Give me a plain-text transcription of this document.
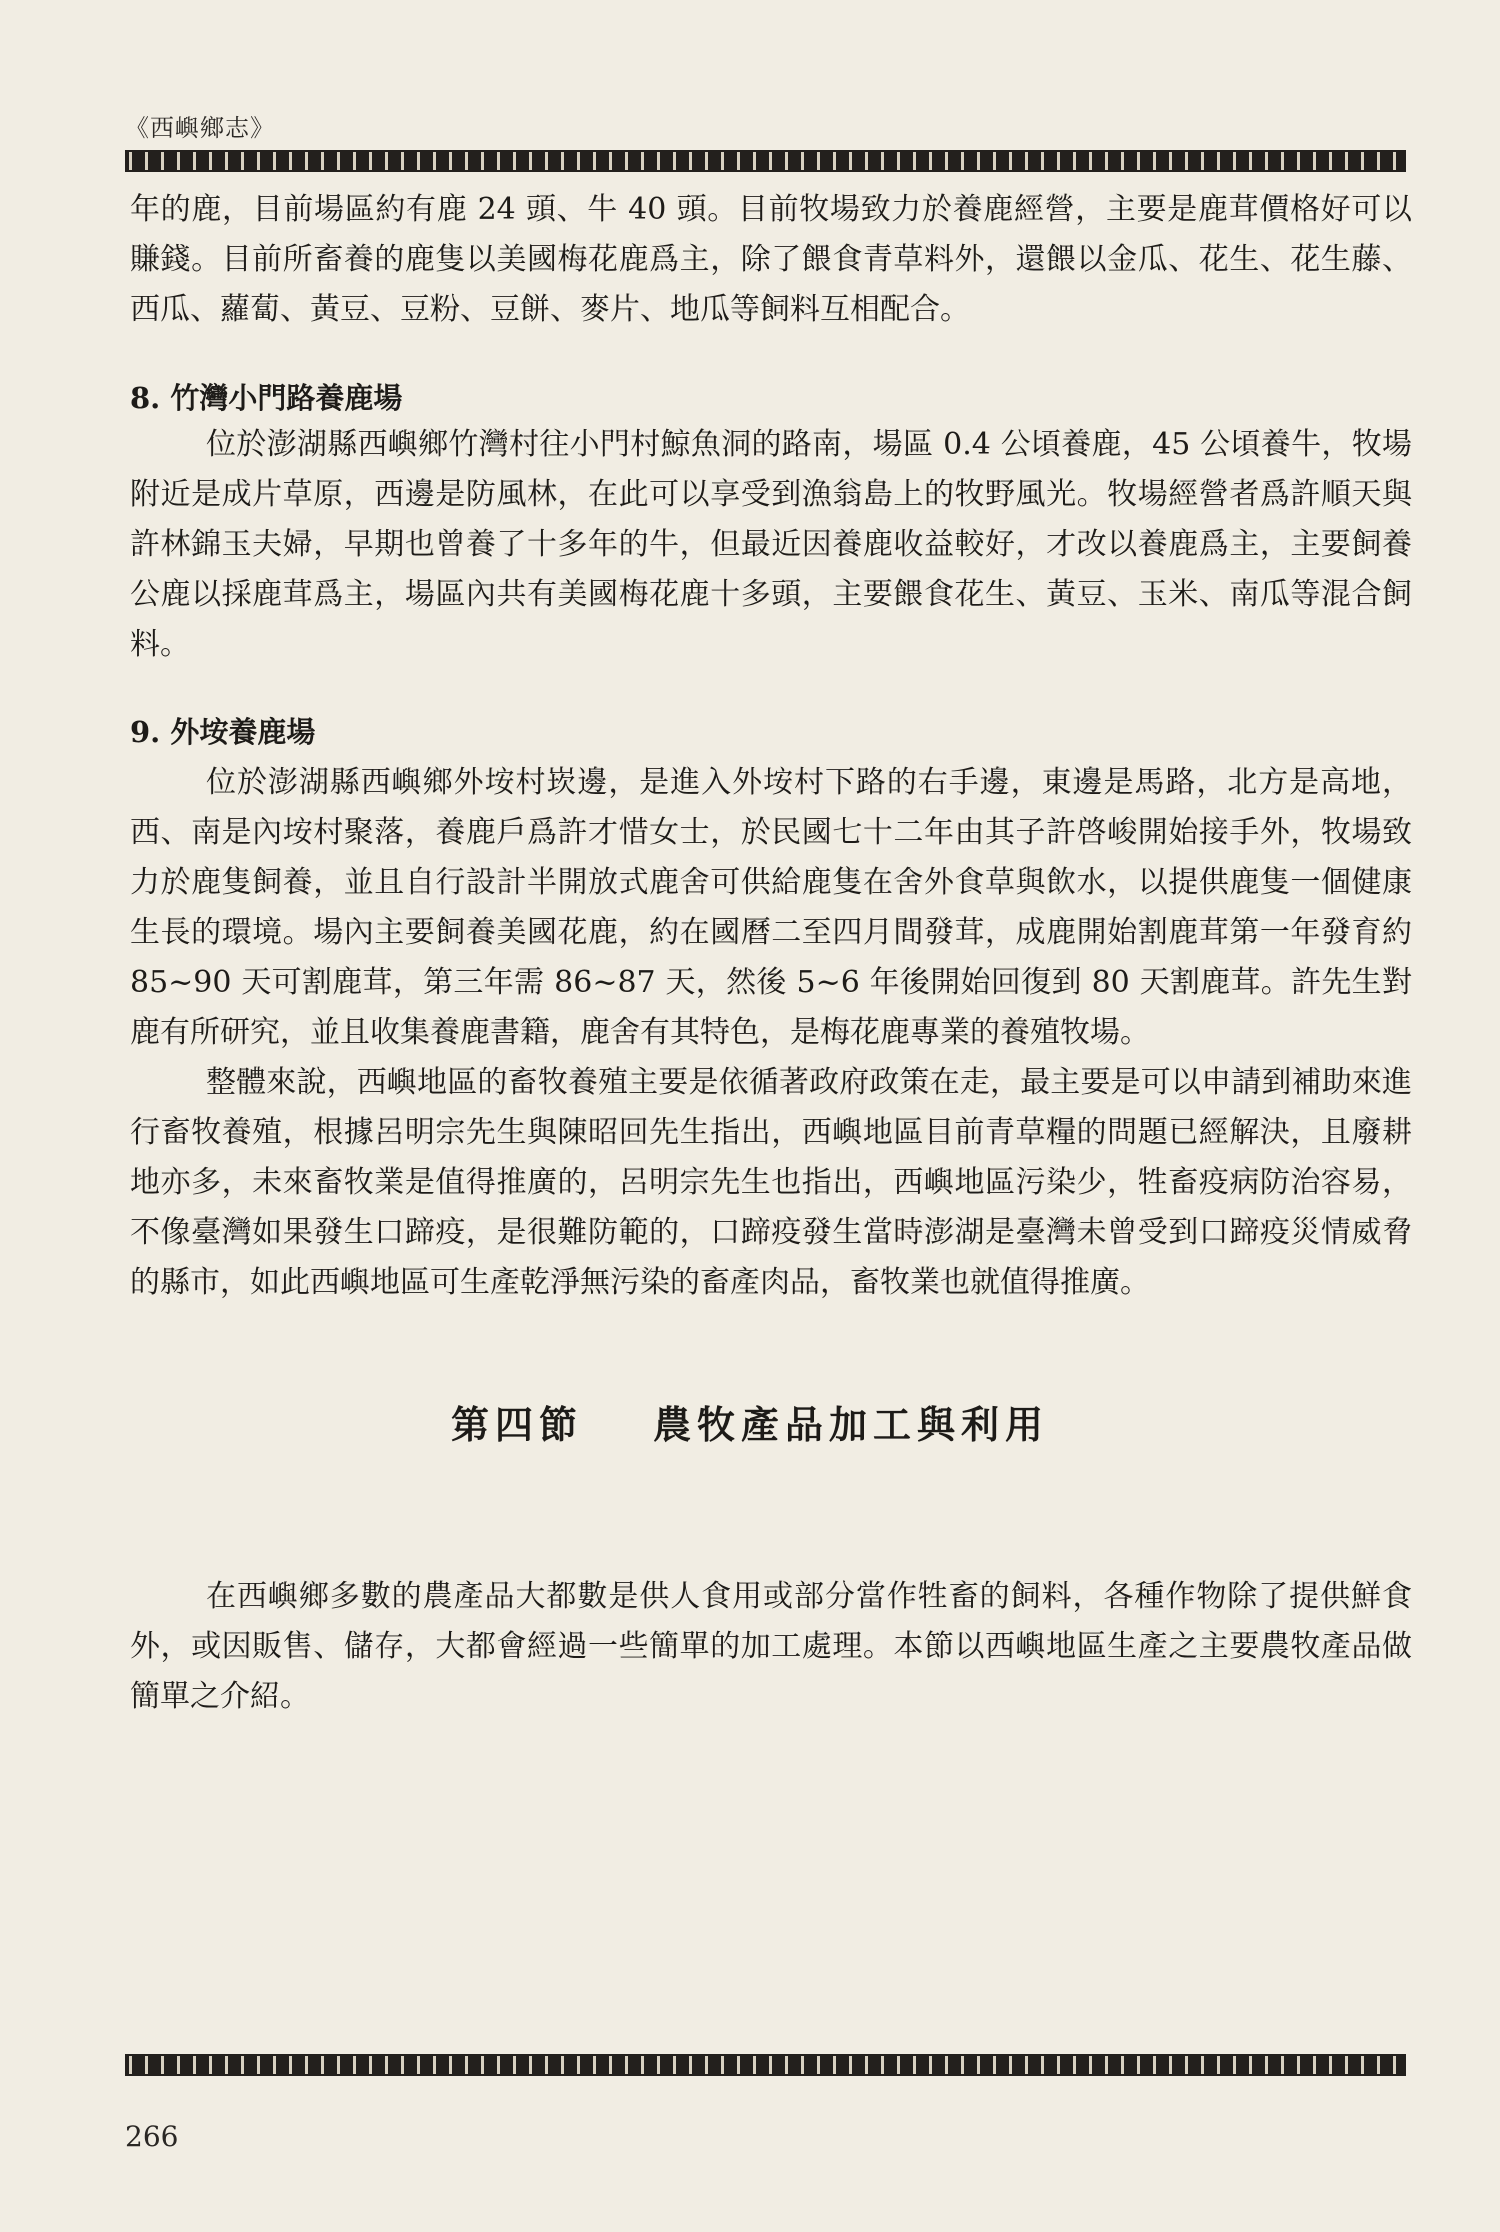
《西嶼鄉志》

年的鹿，目前場區約有鹿 24 頭、牛 40 頭。目前牧場致力於養鹿經營，主要是鹿茸價格好可以賺錢。目前所畜養的鹿隻以美國梅花鹿爲主，除了餵食青草料外，還餵以金瓜、花生、花生藤、西瓜、蘿蔔、黃豆、豆粉、豆餅、麥片、地瓜等飼料互相配合。

8. 竹灣小門路養鹿場

位於澎湖縣西嶼鄉竹灣村往小門村鯨魚洞的路南，場區 0.4 公頃養鹿，45 公頃養牛，牧場附近是成片草原，西邊是防風林，在此可以享受到漁翁島上的牧野風光。牧場經營者爲許順天與許林錦玉夫婦，早期也曾養了十多年的牛，但最近因養鹿收益較好，才改以養鹿爲主，主要飼養公鹿以採鹿茸爲主，場區內共有美國梅花鹿十多頭，主要餵食花生、黃豆、玉米、南瓜等混合飼料。

9. 外垵養鹿場

位於澎湖縣西嶼鄉外垵村崁邊，是進入外垵村下路的右手邊，東邊是馬路，北方是高地，西、南是內垵村聚落，養鹿戶爲許才惜女士，於民國七十二年由其子許啓峻開始接手外，牧場致力於鹿隻飼養，並且自行設計半開放式鹿舍可供給鹿隻在舍外食草與飲水，以提供鹿隻一個健康生長的環境。場內主要飼養美國花鹿，約在國曆二至四月間發茸，成鹿開始割鹿茸第一年發育約 85~90 天可割鹿茸，第三年需 86~87 天，然後 5~6 年後開始回復到 80 天割鹿茸。許先生對鹿有所研究，並且收集養鹿書籍，鹿舍有其特色，是梅花鹿專業的養殖牧場。

整體來說，西嶼地區的畜牧養殖主要是依循著政府政策在走，最主要是可以申請到補助來進行畜牧養殖，根據呂明宗先生與陳昭回先生指出，西嶼地區目前青草糧的問題已經解決，且廢耕地亦多，未來畜牧業是值得推廣的，呂明宗先生也指出，西嶼地區污染少，牲畜疫病防治容易，不像臺灣如果發生口蹄疫，是很難防範的，口蹄疫發生當時澎湖是臺灣未曾受到口蹄疫災情威脅的縣市，如此西嶼地區可生產乾淨無污染的畜產肉品，畜牧業也就值得推廣。

第四節 農牧產品加工與利用

在西嶼鄉多數的農產品大都數是供人食用或部分當作牲畜的飼料，各種作物除了提供鮮食外，或因販售、儲存，大都會經過一些簡單的加工處理。本節以西嶼地區生產之主要農牧產品做簡單之介紹。

266
